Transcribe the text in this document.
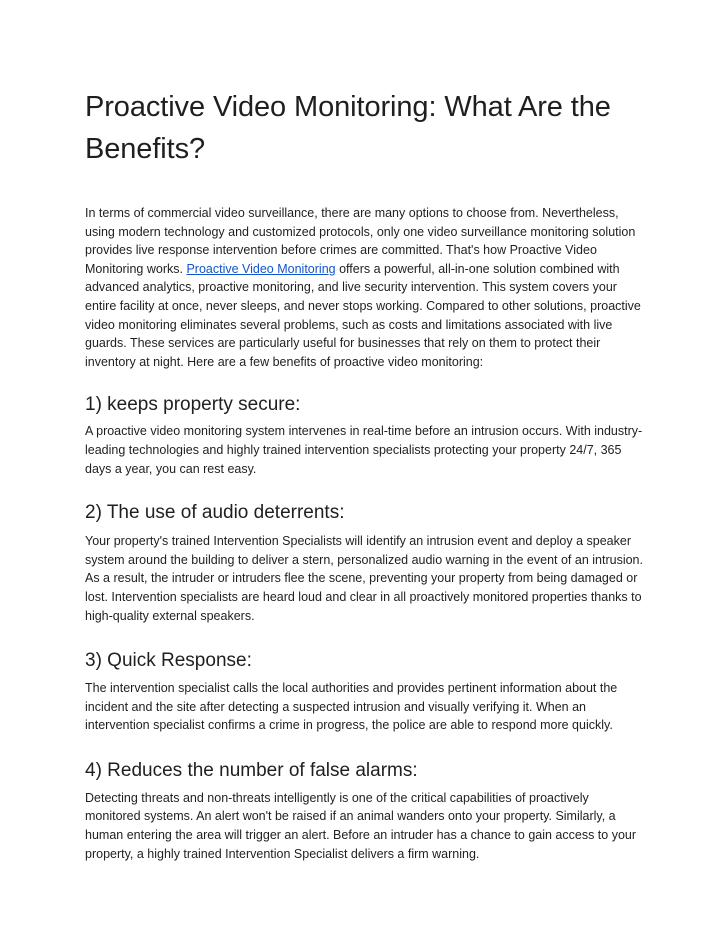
Proactive Video Monitoring: What Are the Benefits?

In terms of commercial video surveillance, there are many options to choose from. Nevertheless, using modern technology and customized protocols, only one video surveillance monitoring solution provides live response intervention before crimes are committed. That's how Proactive Video Monitoring works. Proactive Video Monitoring offers a powerful, all-in-one solution combined with advanced analytics, proactive monitoring, and live security intervention. This system covers your entire facility at once, never sleeps, and never stops working. Compared to other solutions, proactive video monitoring eliminates several problems, such as costs and limitations associated with live guards. These services are particularly useful for businesses that rely on them to protect their inventory at night. Here are a few benefits of proactive video monitoring:

1) keeps property secure:

A proactive video monitoring system intervenes in real-time before an intrusion occurs. With industry-leading technologies and highly trained intervention specialists protecting your property 24/7, 365 days a year, you can rest easy.

2) The use of audio deterrents:

Your property's trained Intervention Specialists will identify an intrusion event and deploy a speaker system around the building to deliver a stern, personalized audio warning in the event of an intrusion. As a result, the intruder or intruders flee the scene, preventing your property from being damaged or lost. Intervention specialists are heard loud and clear in all proactively monitored properties thanks to high-quality external speakers.

3) Quick Response:

The intervention specialist calls the local authorities and provides pertinent information about the incident and the site after detecting a suspected intrusion and visually verifying it. When an intervention specialist confirms a crime in progress, the police are able to respond more quickly.

4) Reduces the number of false alarms:

Detecting threats and non-threats intelligently is one of the critical capabilities of proactively monitored systems. An alert won't be raised if an animal wanders onto your property. Similarly, a human entering the area will trigger an alert. Before an intruder has a chance to gain access to your property, a highly trained Intervention Specialist delivers a firm warning.
